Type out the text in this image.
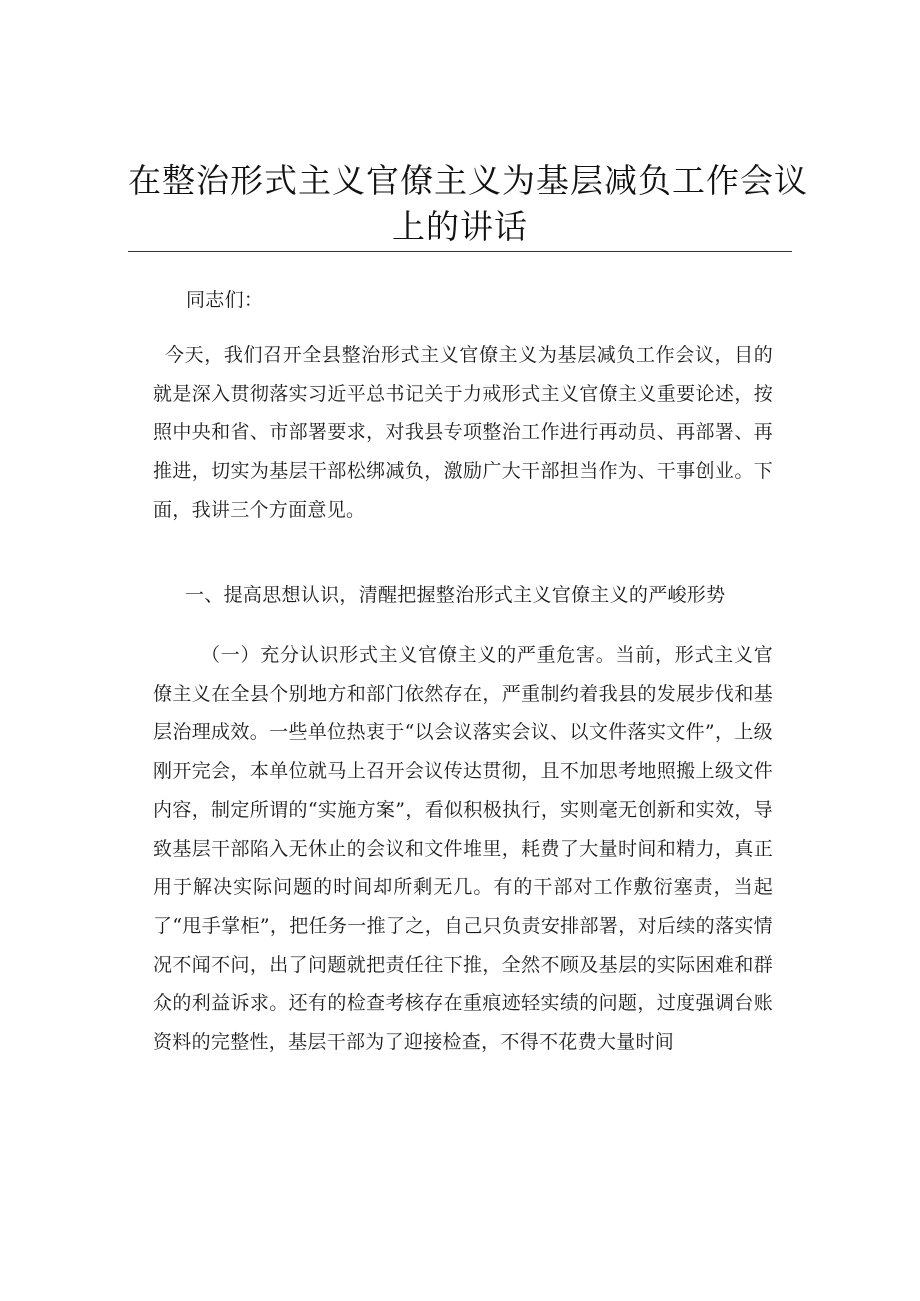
在整治形式主义官僚主义为基层减负工作会议
上的讲话
同志们：

今天，我们召开全县整治形式主义官僚主义为基层减负工作会议，目的就是深入贯彻落实习近平总书记关于力戒形式主义官僚主义重要论述，按照中央和省、市部署要求，对我县专项整治工作进行再动员、再部署、再推进，切实为基层干部松绑减负，激励广大干部担当作为、干事创业。下面，我讲三个方面意见。

一、提高思想认识，清醒把握整治形式主义官僚主义的严峻形势

（一）充分认识形式主义官僚主义的严重危害。当前，形式主义官僚主义在全县个别地方和部门依然存在，严重制约着我县的发展步伐和基层治理成效。一些单位热衷于“以会议落实会议、以文件落实文件”，上级刚开完会，本单位就马上召开会议传达贯彻，且不加思考地照搬上级文件内容，制定所谓的“实施方案”，看似积极执行，实则毫无创新和实效，导致基层干部陷入无休止的会议和文件堆里，耗费了大量时间和精力，真正用于解决实际问题的时间却所剩无几。有的干部对工作敷衍塞责，当起了“甩手掌柜”，把任务一推了之，自己只负责安排部署，对后续的落实情况不闻不问，出了问题就把责任往下推，全然不顾及基层的实际困难和群众的利益诉求。还有的检查考核存在重痕迹轻实绩的问题，过度强调台账资料的完整性，基层干部为了迎接检查，不得不花费大量时间
